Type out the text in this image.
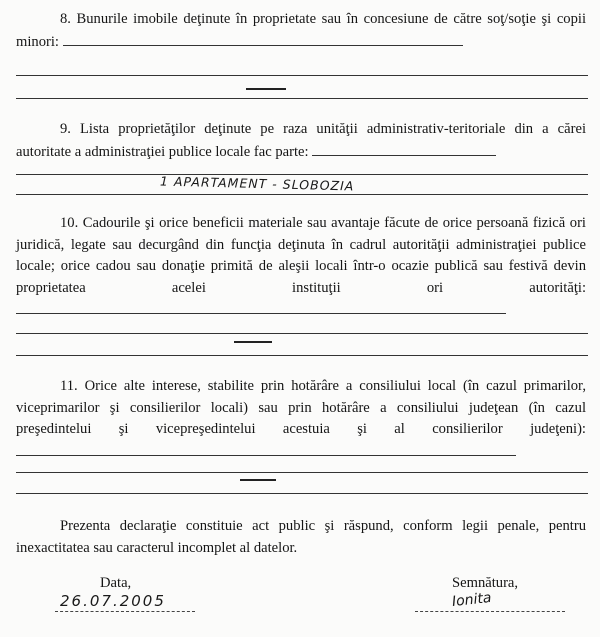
8. Bunurile imobile deţinute în proprietate sau în concesiune de către soţ/soţie şi copii minori:

9. Lista proprietăţilor deţinute pe raza unităţii administrativ-teritoriale din a cărei autoritate a administraţiei publice locale fac parte:

1 APARTAMENT - SLOBOZIA

10. Cadourile şi orice beneficii materiale sau avantaje făcute de orice persoană fizică ori juridică, legate sau decurgând din funcţia deţinuta în cadrul autorităţii administraţiei publice locale; orice cadou sau donaţie primită de aleşii locali într-o ocazie publică sau festivă devin proprietatea acelei instituţii ori autorităţi:

11. Orice alte interese, stabilite prin hotărâre a consiliului local (în cazul primarilor, viceprimarilor şi consilierilor locali) sau prin hotărâre a consiliului judeţean (în cazul preşedintelui şi vicepreşedintelui acestuia şi al consilierilor judeţeni):

Prezenta declaraţie constituie act public şi răspund, conform legii penale, pentru inexactitatea sau caracterul incomplet al datelor.

Data,
26.07.2005
Semnătura,
Ionita
